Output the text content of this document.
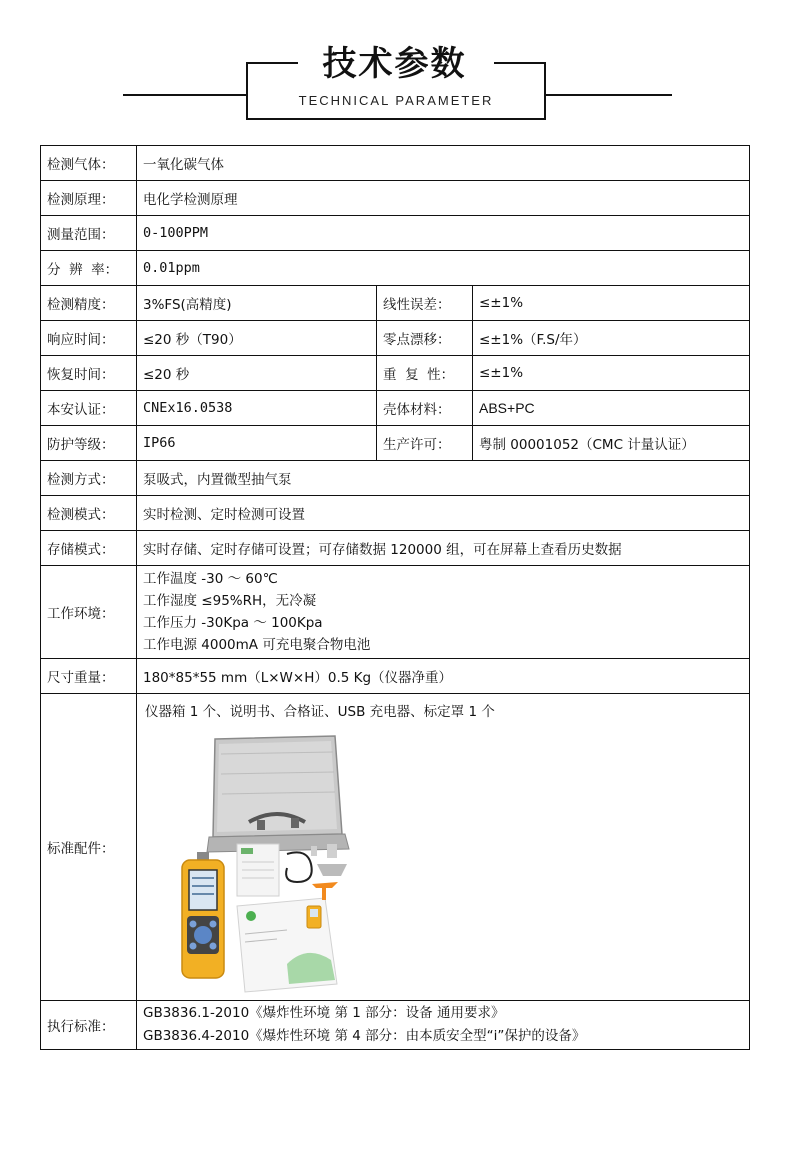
技术参数
TECHNICAL PARAMETER
检测气体：	一氧化碳气体		
检测原理：	电化学检测原理		
测量范围：	0-100PPM		
分  辨  率：	0.01ppm		
检测精度：	3%FS(高精度)	线性误差：	≤±1%
响应时间：	≤20 秒（T90）	零点漂移：	≤±1%（F.S/年）
恢复时间：	≤20 秒	重  复  性：	≤±1%
本安认证：	CNEx16.0538	壳体材料：	ABS+PC
防护等级：	IP66	生产许可：	粤制 00001052（CMC 计量认证）
检测方式：	泵吸式，内置微型抽气泵		
检测模式：	实时检测、定时检测可设置		
存储模式：	实时存储、定时存储可设置；可存储数据 120000 组，可在屏幕上查看历史数据		
工作环境：	工作温度 -30 ～ 60℃
工作湿度 ≤95%RH，无冷凝
工作压力 -30Kpa ～ 100Kpa
工作电源 4000mA 可充电聚合物电池		

尺寸重量：	180*85*55 mm（L×W×H）0.5 Kg（仪器净重）		
标准配件：	仪器箱 1 个、说明书、合格证、USB 充电器、标定罩 1 个		

执行标准：	GB3836.1-2010《爆炸性环境 第 1 部分：设备 通用要求》
GB3836.4-2010《爆炸性环境 第 4 部分：由本质安全型“i”保护的设备》		
